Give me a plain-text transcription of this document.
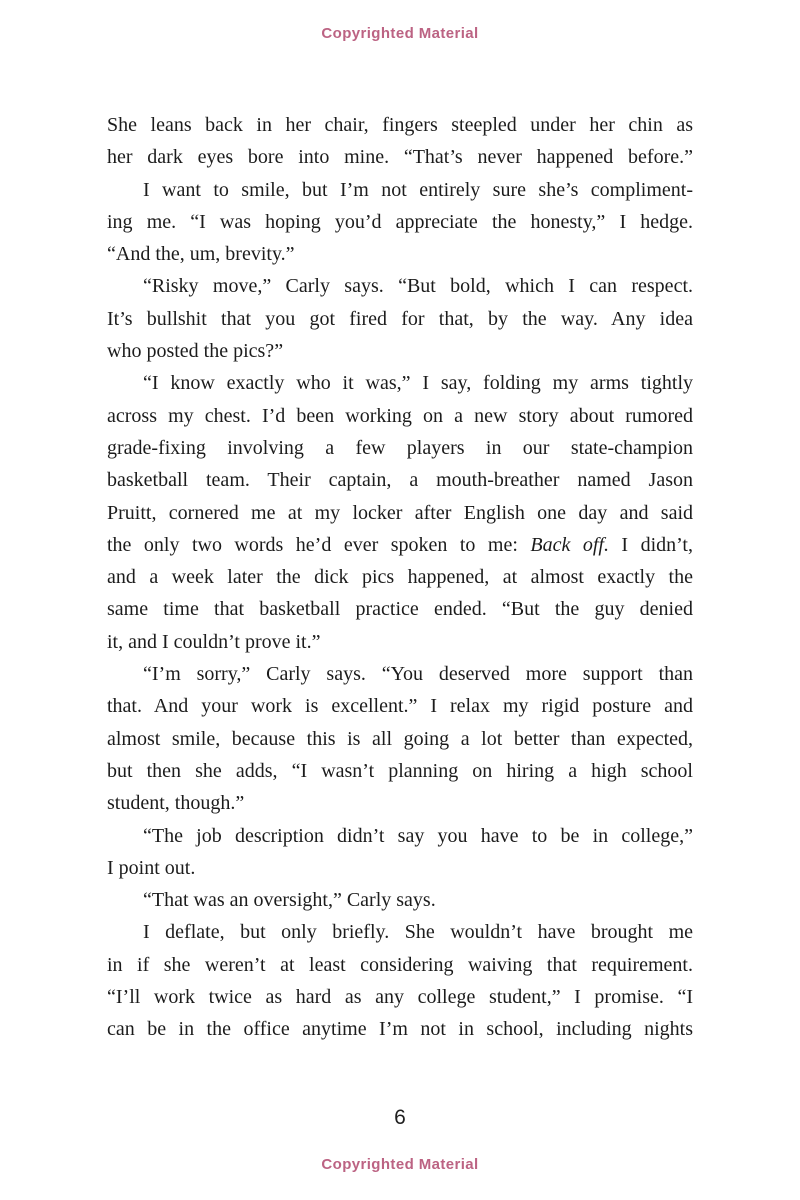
Copyrighted Material
She leans back in her chair, fingers steepled under her chin as
her dark eyes bore into mine. “That’s never happened before.”
I want to smile, but I’m not entirely sure she’s compliment-
ing me. “I was hoping you’d appreciate the honesty,” I hedge.
“And the, um, brevity.”
“Risky move,” Carly says. “But bold, which I can respect.
It’s bullshit that you got fired for that, by the way. Any idea
who posted the pics?”
“I know exactly who it was,” I say, folding my arms tightly
across my chest. I’d been working on a new story about rumored
grade-fixing involving a few players in our state-champion
basketball team. Their captain, a mouth-breather named Jason
Pruitt, cornered me at my locker after English one day and said
the only two words he’d ever spoken to me: Back off. I didn’t,
and a week later the dick pics happened, at almost exactly the
same time that basketball practice ended. “But the guy denied
it, and I couldn’t prove it.”
“I’m sorry,” Carly says. “You deserved more support than
that. And your work is excellent.” I relax my rigid posture and
almost smile, because this is all going a lot better than expected,
but then she adds, “I wasn’t planning on hiring a high school
student, though.”
“The job description didn’t say you have to be in college,”
I point out.
“That was an oversight,” Carly says.
I deflate, but only briefly. She wouldn’t have brought me
in if she weren’t at least considering waiving that requirement.
“I’ll work twice as hard as any college student,” I promise. “I
can be in the office anytime I’m not in school, including nights
6
Copyrighted Material
